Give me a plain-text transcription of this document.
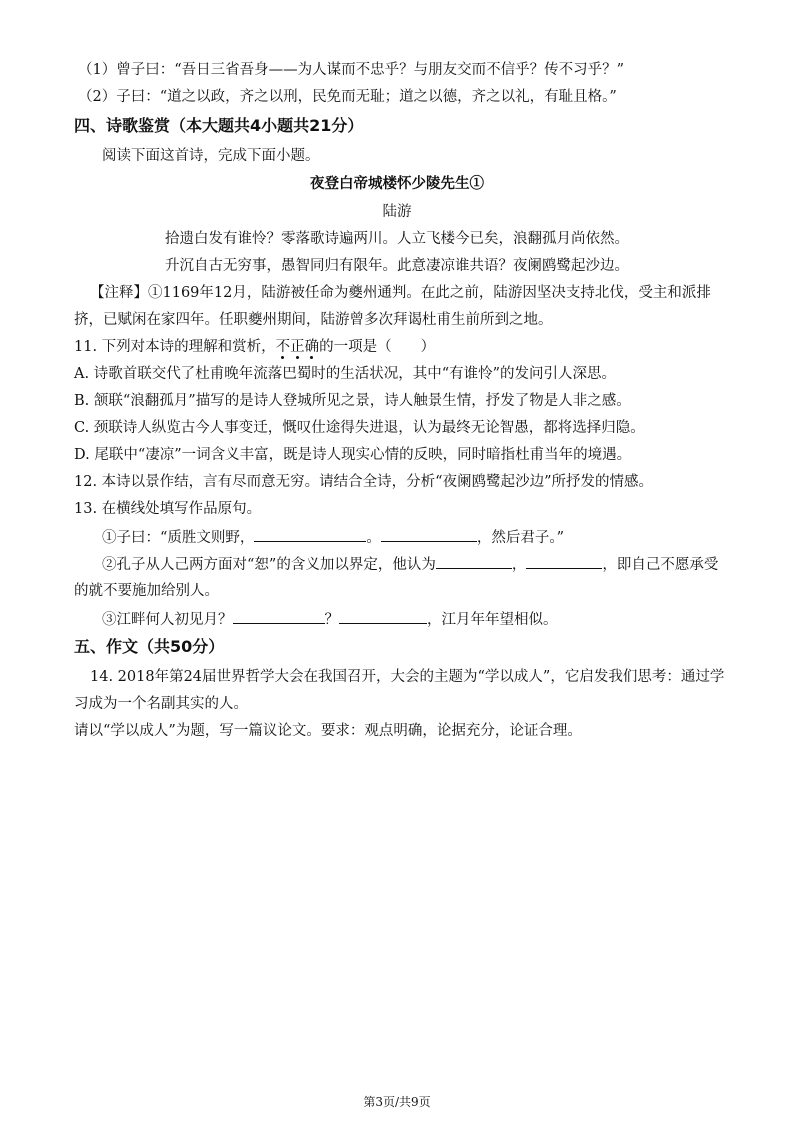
（1）曾子曰：“吾日三省吾身——为人谋而不忠乎？与朋友交而不信乎？传不习乎？”
（2）子曰：“道之以政，齐之以刑，民免而无耻；道之以德，齐之以礼，有耻且格。”
四、诗歌鉴赏（本大题共4小题共21分）
阅读下面这首诗，完成下面小题。
夜登白帝城楼怀少陵先生①
陆游
拾遗白发有谁怜？零落歌诗遍两川。人立飞楼今已矣，浪翻孤月尚依然。
升沉自古无穷事，愚智同归有限年。此意凄凉谁共语？夜阑鸥鹭起沙边。
【注释】①1169年12月，陆游被任命为夔州通判。在此之前，陆游因坚决支持北伐，受主和派排
挤，已赋闲在家四年。任职夔州期间，陆游曾多次拜谒杜甫生前所到之地。
11. 下列对本诗的理解和赏析，不正确的一项是（　　）
A. 诗歌首联交代了杜甫晚年流落巴蜀时的生活状况，其中“有谁怜”的发问引人深思。
B. 颔联“浪翻孤月”描写的是诗人登城所见之景，诗人触景生情，抒发了物是人非之感。
C. 颈联诗人纵览古今人事变迁，慨叹仕途得失进退，认为最终无论智愚，都将选择归隐。
D. 尾联中“凄凉”一词含义丰富，既是诗人现实心情的反映，同时暗指杜甫当年的境遇。
12. 本诗以景作结，言有尽而意无穷。请结合全诗，分析“夜阑鸥鹭起沙边”所抒发的情感。
13. 在横线处填写作品原句。
①子曰：“质胜文则野，	。	，然后君子。”
②孔子从人己两方面对“恕”的含义加以界定，他认为	，	，即自己不愿承受
的就不要施加给别人。
③江畔何人初见月？	？	，江月年年望相似。
五、作文（共50分）
14. 2018年第24届世界哲学大会在我国召开，大会的主题为“学以成人”，它启发我们思考：通过学
习成为一个名副其实的人。
请以“学以成人”为题，写一篇议论文。要求：观点明确，论据充分，论证合理。
第3页/共9页
